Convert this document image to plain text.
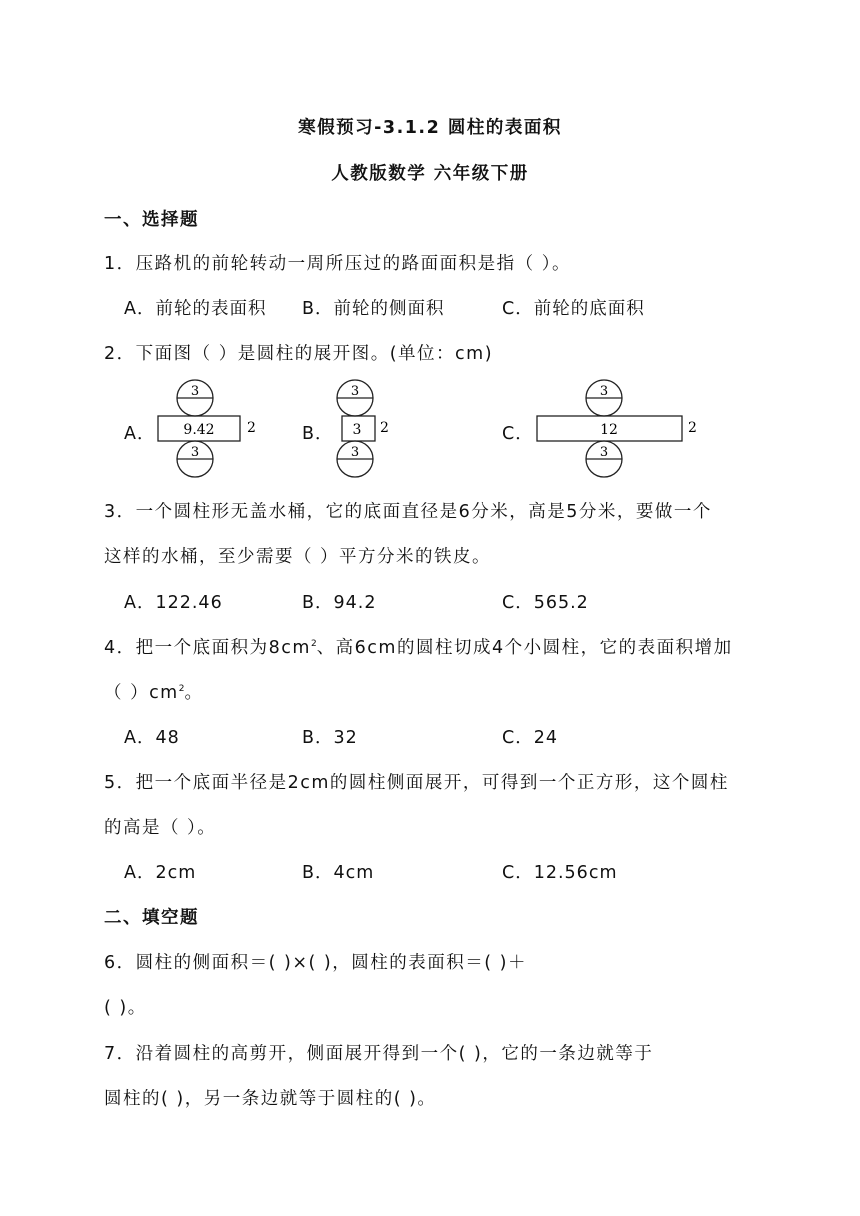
寒假预习-3.1.2 圆柱的表面积
人教版数学 六年级下册
一、选择题
1．压路机的前轮转动一周所压过的路面面积是指（ ）。
A．前轮的表面积 B．前轮的侧面积	C．前轮的底面积
2．下面图（ ）是圆柱的展开图。(单位：cm)
A．	B．	C．
3
9.42 2
3
3
3 2
3
3
12	2
3
3．一个圆柱形无盖水桶，它的底面直径是6分米，高是5分米，要做一个
这样的水桶，至少需要（ ）平方分米的铁皮。
A．122.46	B．94.2	C．565.2
4．把一个底面积为$8cm^2$、高6cm的圆柱切成4个小圆柱，它的表面积增加
（ ）$cm^2$。
A．48	B．32	C．24
5．把一个底面半径是2cm的圆柱侧面展开，可得到一个正方形，这个圆柱
的高是（ ）。
A．2cm	B．4cm	C．12.56cm
二、填空题
6．圆柱的侧面积＝( )×( )，圆柱的表面积＝( )＋
( )。
7．沿着圆柱的高剪开，侧面展开得到一个( )，它的一条边就等于
圆柱的( )，另一条边就等于圆柱的( )。
